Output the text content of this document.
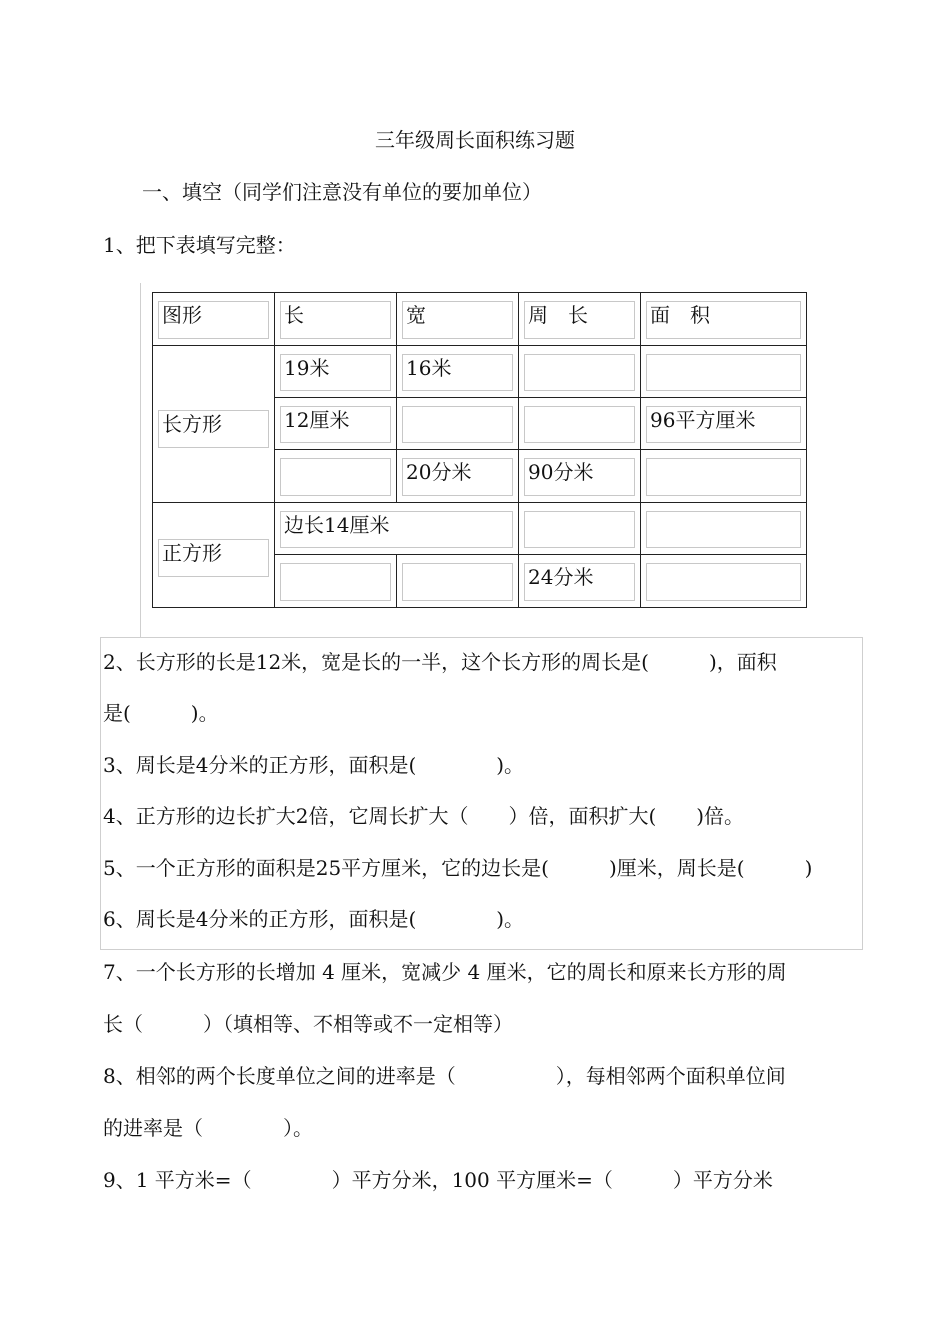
三年级周长面积练习题
一、填空（同学们注意没有单位的要加单位）
1、把下表填写完整：
图形	长	宽	周　长	面　积

长方形	19米	16米		

	12厘米			96平方厘米

		20分米	90分米	

正方形	边长14厘米			

			24分米	

2、长方形的长是12米，宽是长的一半，这个长方形的周长是(　　　)，面积
是(　　　)。
3、周长是4分米的正方形，面积是(　　　　)。
4、正方形的边长扩大2倍，它周长扩大（　　）倍，面积扩大(　　)倍。
5、一个正方形的面积是25平方厘米，它的边长是(　　　)厘米，周长是(　　　)
6、周长是4分米的正方形，面积是(　　　　)。
7、一个长方形的长增加 4 厘米，宽减少 4 厘米，它的周长和原来长方形的周
长（　　　）（填相等、不相等或不一定相等）
8、相邻的两个长度单位之间的进率是（　　　　　），每相邻两个面积单位间
的进率是（　　　　）。
9、1 平方米=（　　　　）平方分米，100 平方厘米=（　　　）平方分米
